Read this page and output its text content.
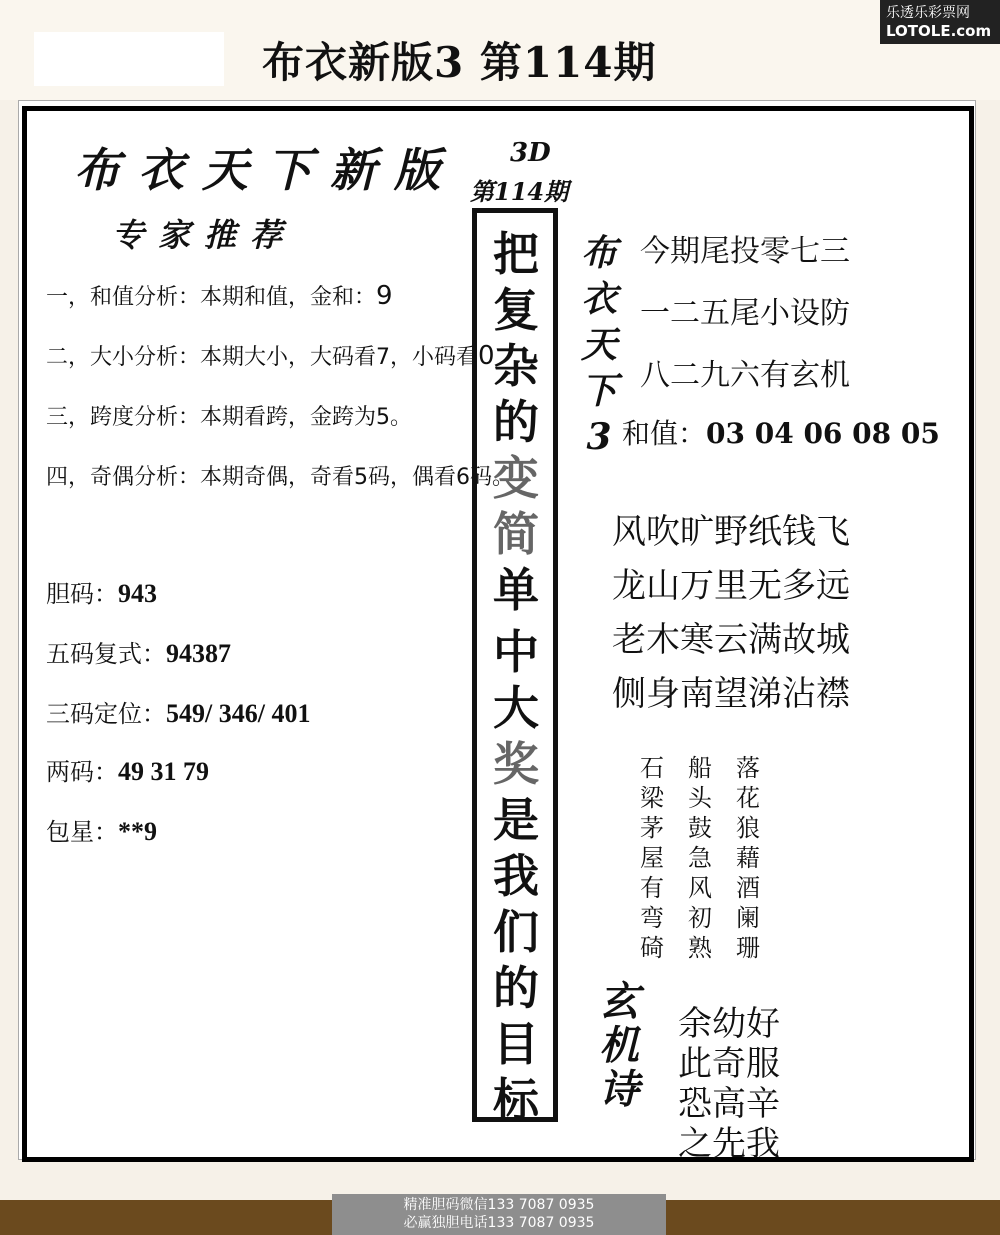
布衣新版3 第114期
乐透乐彩票网
LOTOLE.com
布衣天下新版
专家推荐
一，和值分析：本期和值，金和：9
二，大小分析：本期大小，大码看7，小码看0
三，跨度分析：本期看跨，金跨为5。
四，奇偶分析：本期奇偶，奇看5码，偶看6码。
胆码：943
五码复式：94387
三码定位：549/ 346/ 401
两码：49 31 79
包星：**9
3D
第114期
把
复
杂
的
变
简
单
中
大
奖
是
我
们
的
目
标
布
衣
天
下
3
今期尾投零七三
一二五尾小设防
八二九六有玄机
和值：03 04 06 08 05
风吹旷野纸钱飞
龙山万里无多远
老木寒云满故城
侧身南望涕沾襟
石 船 落
梁 头 花
茅 鼓 狼
屋 急 藉
有 风 酒
弯 初 阑
碕 熟 珊
玄
机
诗
余幼好
此奇服
恐高辛
之先我
精准胆码微信133 7087 0935
必赢独胆电话133 7087 0935
